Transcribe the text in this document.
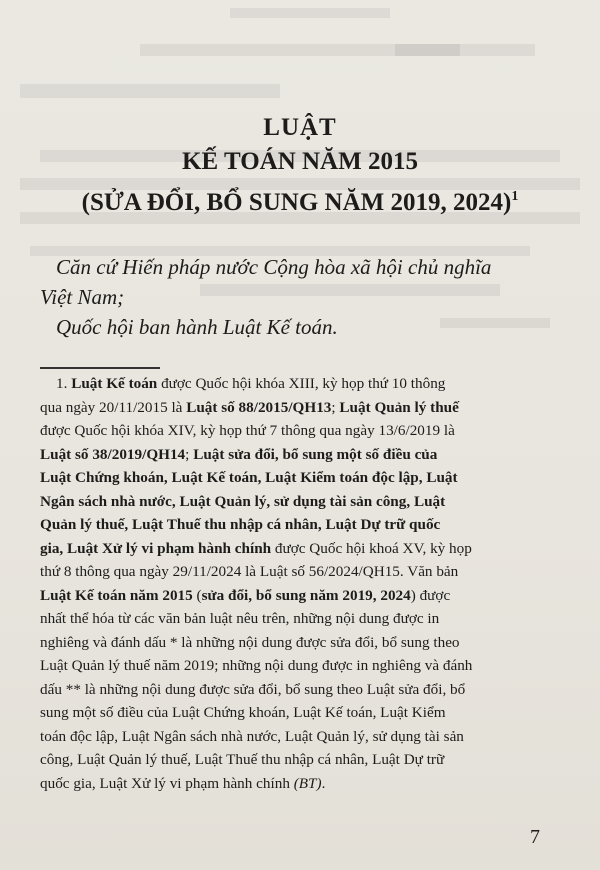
LUẬT
KẾ TOÁN NĂM 2015
(SỬA ĐỔI, BỔ SUNG NĂM 2019, 2024)$^1$
Căn cứ Hiến pháp nước Cộng hòa xã hội chủ nghĩa
Việt Nam;
Quốc hội ban hành Luật Kế toán.
1. Luật Kế toán được Quốc hội khóa XIII, kỳ họp thứ 10 thông
qua ngày 20/11/2015 là Luật số 88/2015/QH13; Luật Quản lý thuế
được Quốc hội khóa XIV, kỳ họp thứ 7 thông qua ngày 13/6/2019 là
Luật số 38/2019/QH14; Luật sửa đổi, bổ sung một số điều của
Luật Chứng khoán, Luật Kế toán, Luật Kiểm toán độc lập, Luật
Ngân sách nhà nước, Luật Quản lý, sử dụng tài sản công, Luật
Quản lý thuế, Luật Thuế thu nhập cá nhân, Luật Dự trữ quốc
gia, Luật Xử lý vi phạm hành chính được Quốc hội khoá XV, kỳ họp
thứ 8 thông qua ngày 29/11/2024 là Luật số 56/2024/QH15. Văn bản
Luật Kế toán năm 2015 (sửa đổi, bổ sung năm 2019, 2024) được
nhất thể hóa từ các văn bản luật nêu trên, những nội dung được in
nghiêng và đánh dấu * là những nội dung được sửa đổi, bổ sung theo
Luật Quản lý thuế năm 2019; những nội dung được in nghiêng và đánh
dấu ** là những nội dung được sửa đổi, bổ sung theo Luật sửa đổi, bổ
sung một số điều của Luật Chứng khoán, Luật Kế toán, Luật Kiểm
toán độc lập, Luật Ngân sách nhà nước, Luật Quản lý, sử dụng tài sản
công, Luật Quản lý thuế, Luật Thuế thu nhập cá nhân, Luật Dự trữ
quốc gia, Luật Xử lý vi phạm hành chính (BT).
7
